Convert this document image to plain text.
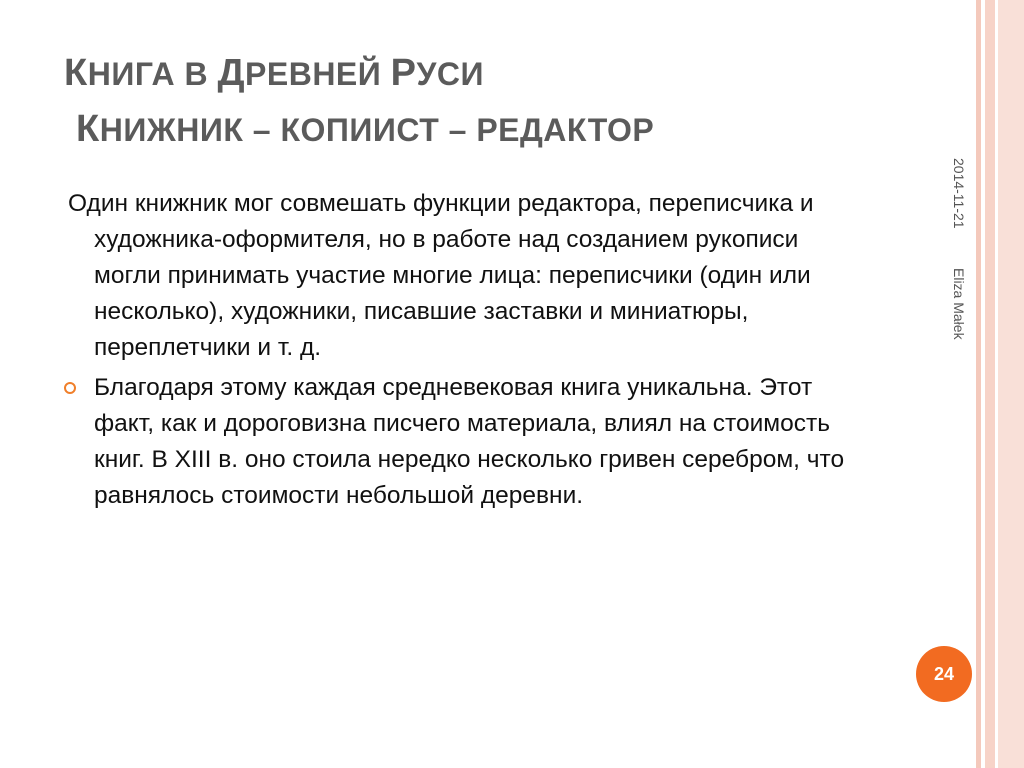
КНИГА В ДРЕВНЕЙ РУСИ
КНИЖНИК – КОПИИСТ – РЕДАКТОР
2014-11-21
Eliza Małek

Один книжник мог совмешать функции редактора, переписчика и художника-оформителя, но в работе над созданием рукописи могли принимать участие многие лица: переписчики (один или несколько), художники, писавшие заставки и миниатюры, переплетчики и т. д.

Благодаря этому каждая средневековая книга уникальна. Этот факт, как и дороговизна писчего материала, влиял на стоимость книг. В XIII в. оно стоила нередко несколько гривен серебром, что равнялось стоимости небольшой деревни.

24
